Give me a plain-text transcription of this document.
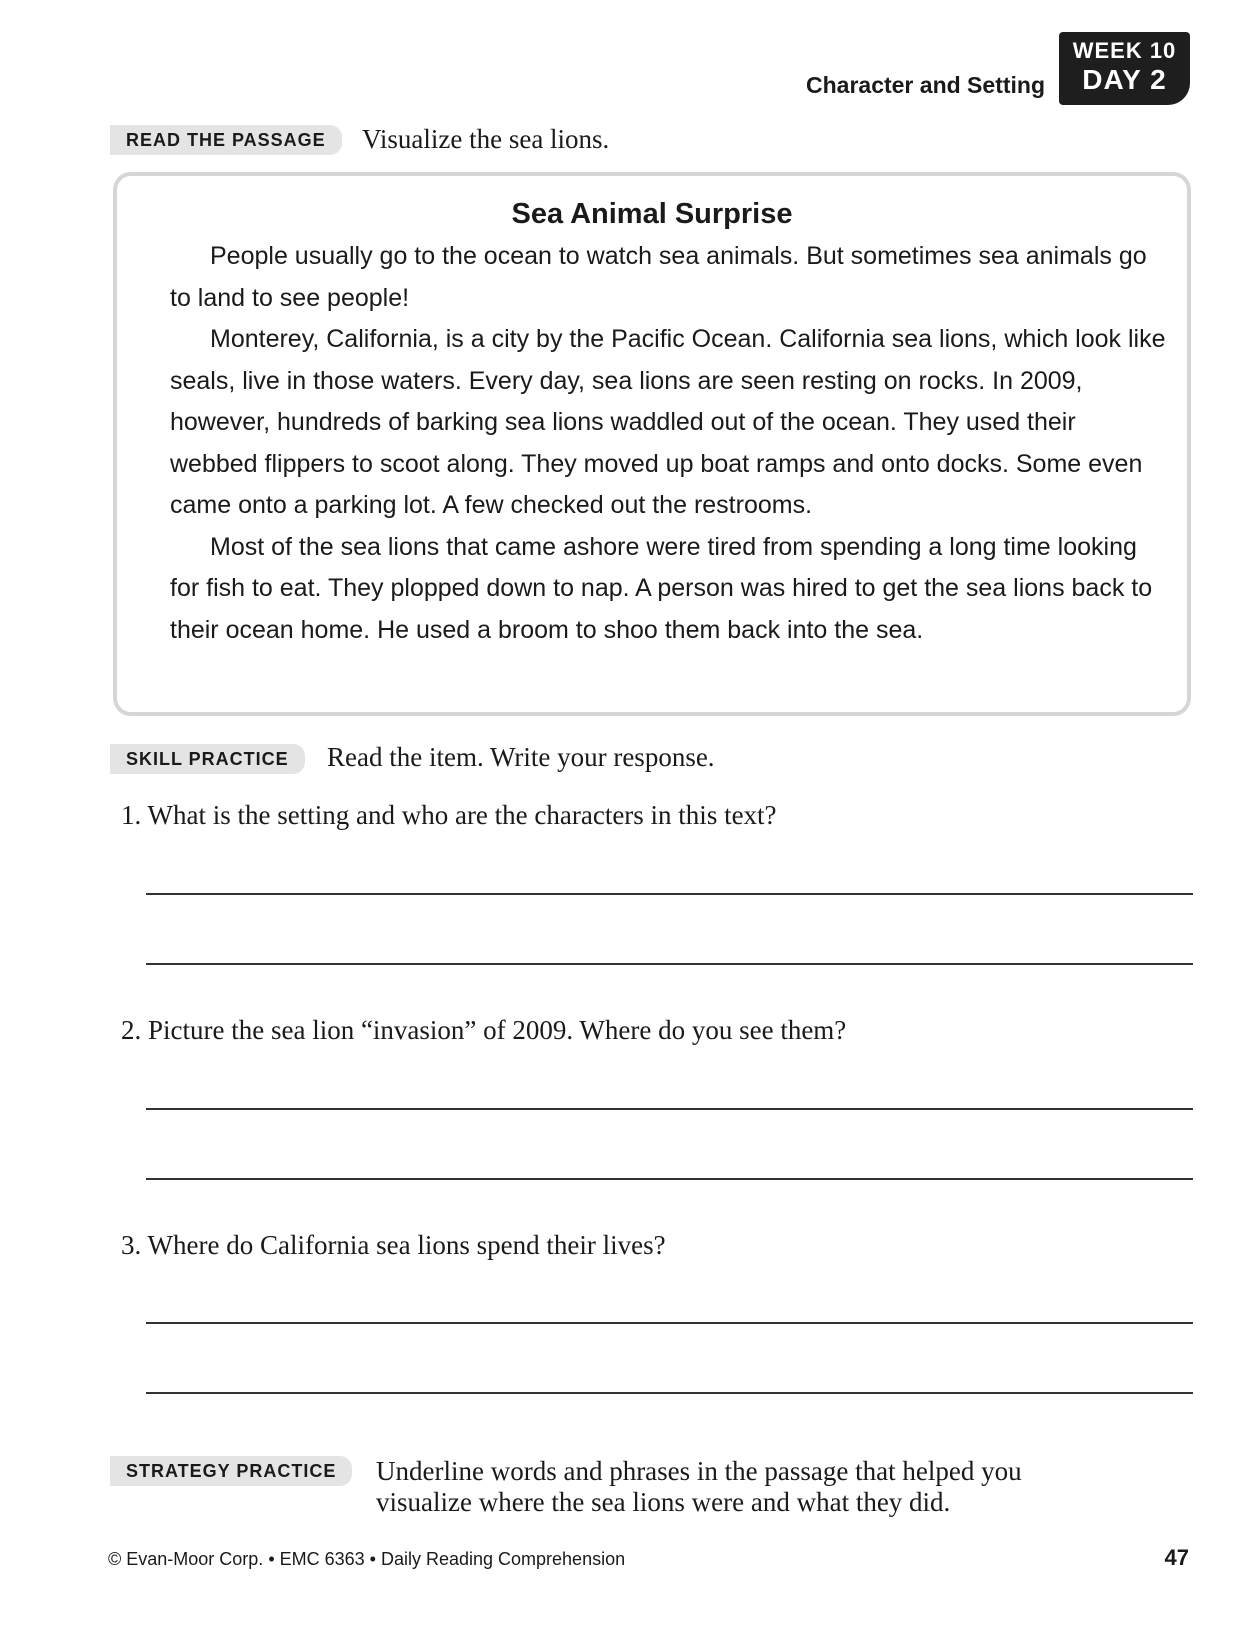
Character and Setting
WEEK 10
DAY 2
READ THE PASSAGE	Visualize the sea lions.
Sea Animal Surprise

People usually go to the ocean to watch sea animals. But sometimes sea animals go to land to see people!

Monterey, California, is a city by the Pacific Ocean. California sea lions, which look like seals, live in those waters. Every day, sea lions are seen resting on rocks. In 2009, however, hundreds of barking sea lions waddled out of the ocean. They used their webbed flippers to scoot along. They moved up boat ramps and onto docks. Some even came onto a parking lot. A few checked out the restrooms.

Most of the sea lions that came ashore were tired from spending a long time looking for fish to eat. They plopped down to nap. A person was hired to get the sea lions back to their ocean home. He used a broom to shoo them back into the sea.

SKILL PRACTICE	Read the item. Write your response.
1. What is the setting and who are the characters in this text?
2. Picture the sea lion “invasion” of 2009. Where do you see them?
3. Where do California sea lions spend their lives?
STRATEGY PRACTICE	Underline words and phrases in the passage that helped you
visualize where the sea lions were and what they did.
© Evan-Moor Corp. • EMC 6363 • Daily Reading Comprehension	47
